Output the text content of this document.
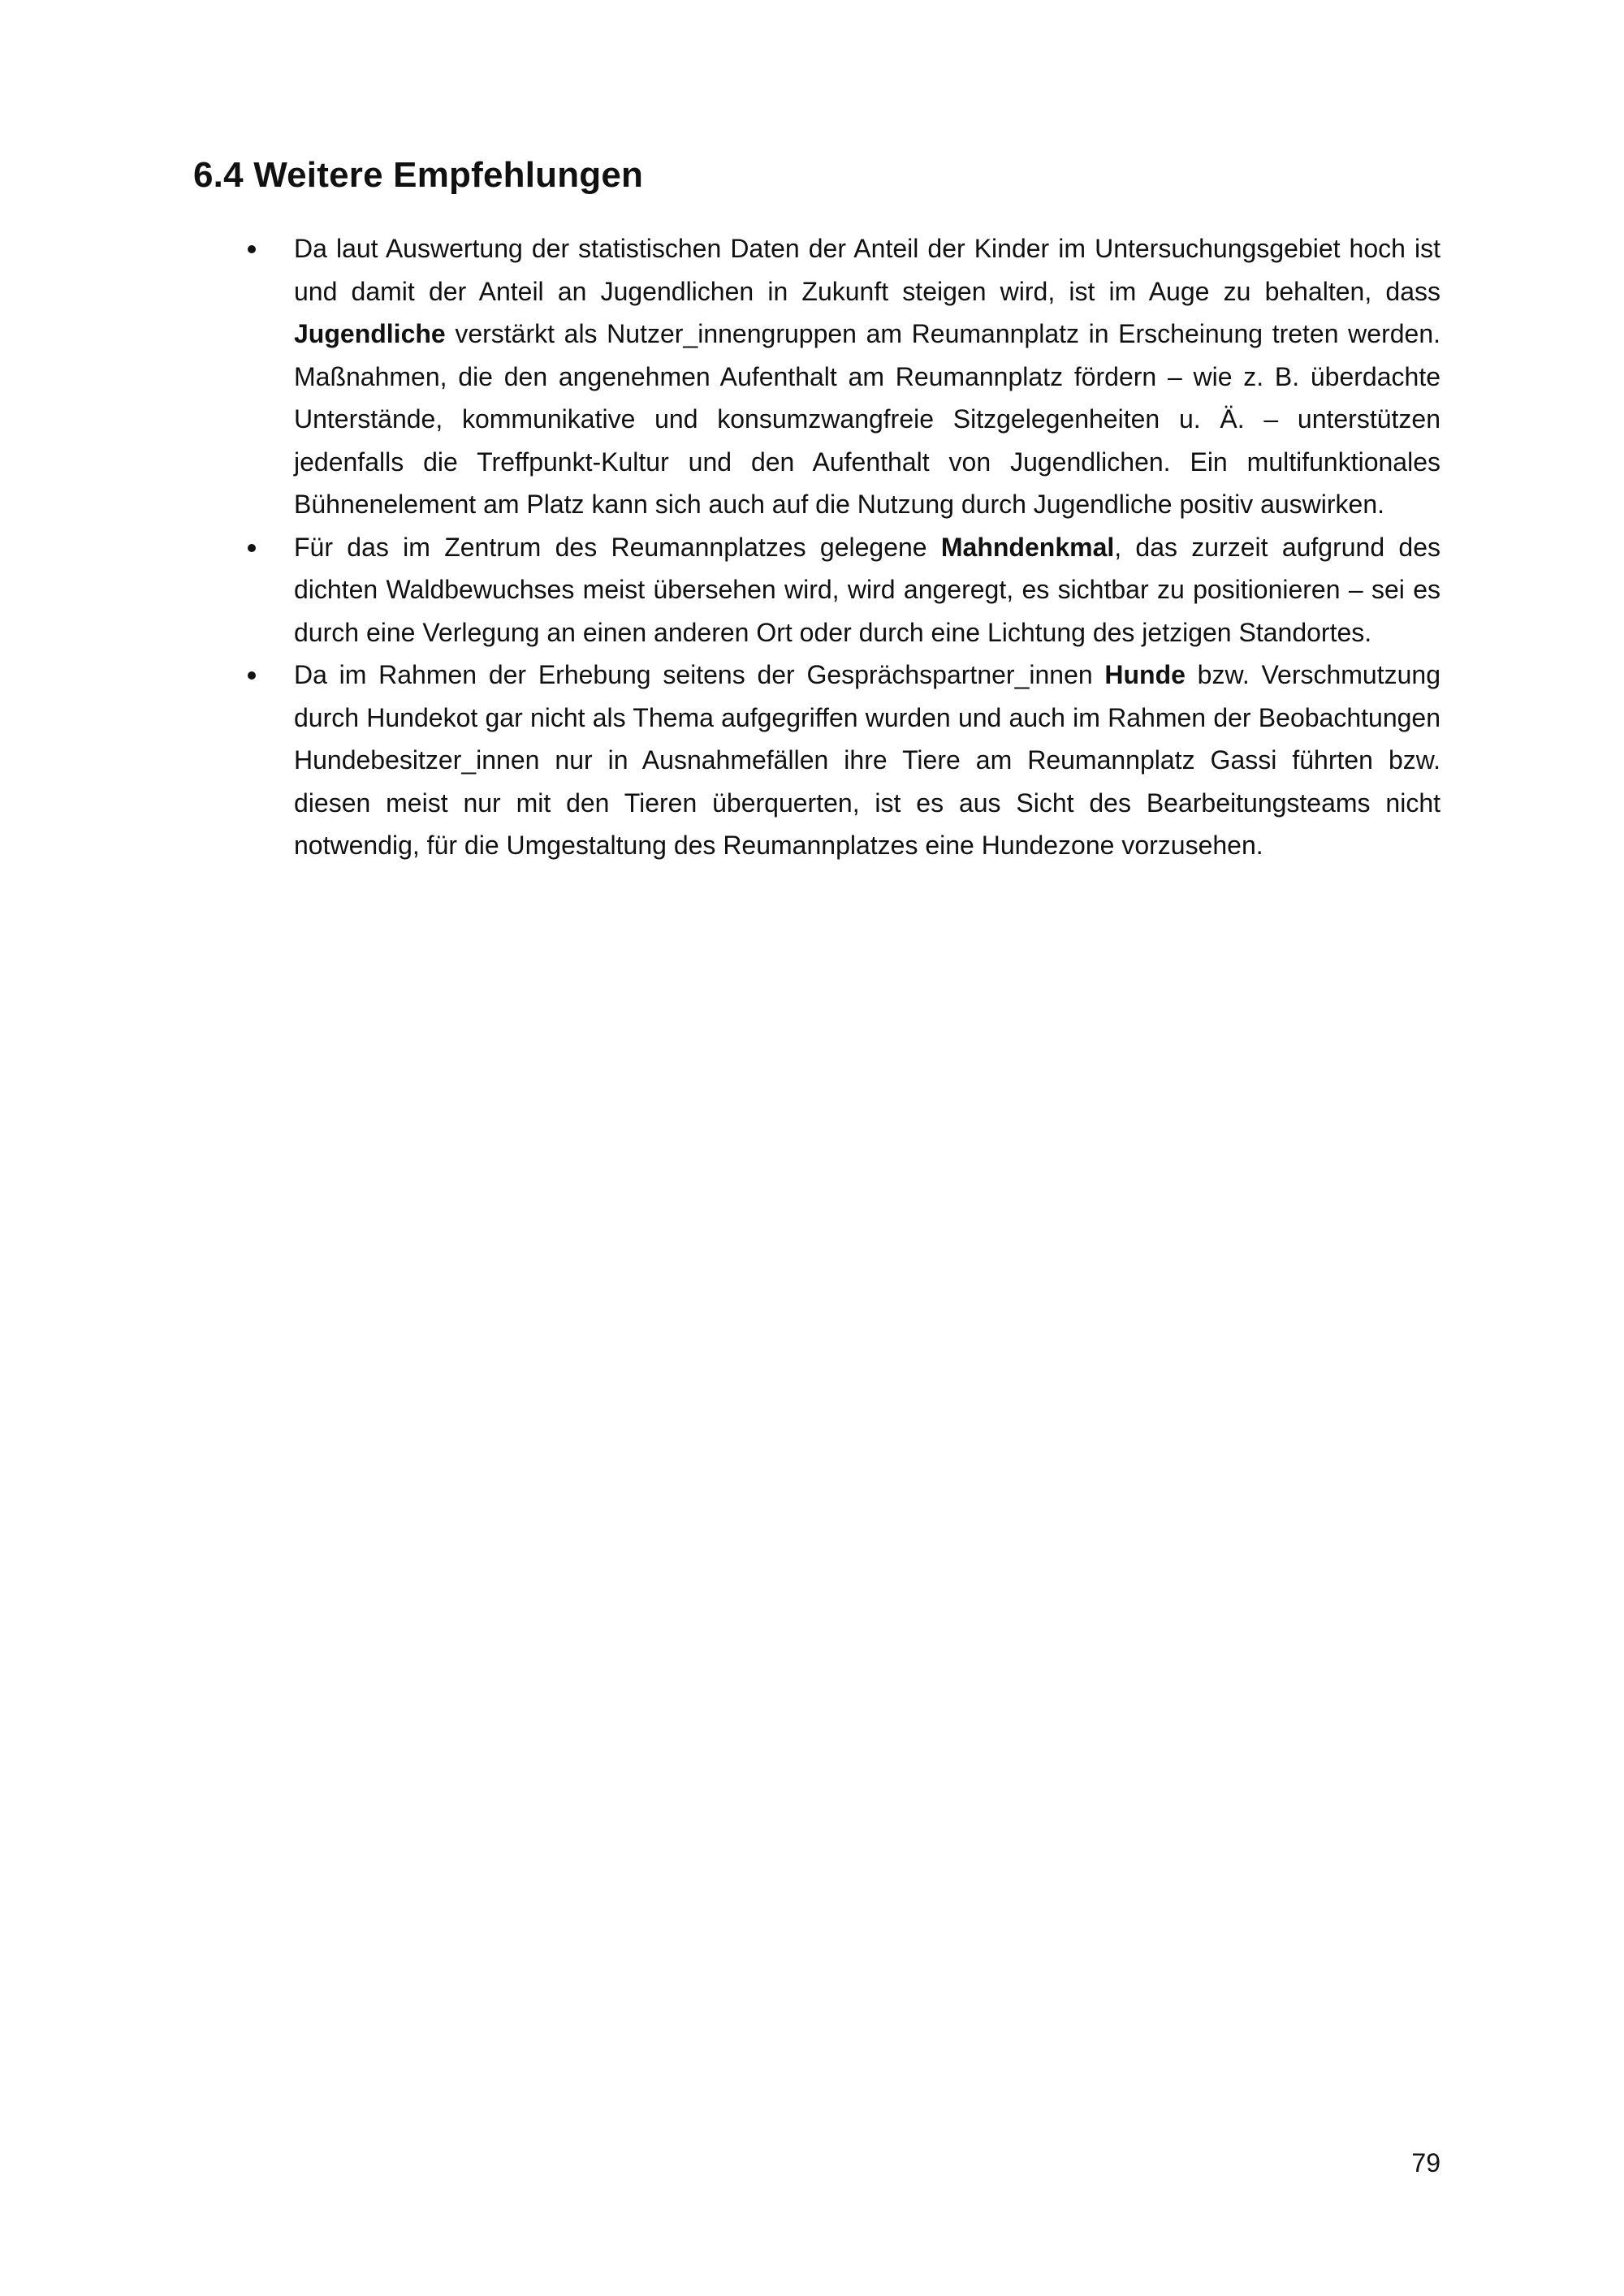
6.4 Weitere Empfehlungen
Da laut Auswertung der statistischen Daten der Anteil der Kinder im Untersuchungsgebiet hoch ist und damit der Anteil an Jugendlichen in Zukunft steigen wird, ist im Auge zu behalten, dass Jugendliche verstärkt als Nutzer_innengruppen am Reumannplatz in Erscheinung treten werden. Maßnahmen, die den angenehmen Aufenthalt am Reumannplatz fördern – wie z. B. überdachte Unterstände, kommunikative und konsumzwangfreie Sitzgelegenheiten u. Ä. – unterstützen jedenfalls die Treffpunkt-Kultur und den Aufenthalt von Jugendlichen. Ein multifunktionales Bühnenelement am Platz kann sich auch auf die Nutzung durch Jugendliche positiv auswirken.
Für das im Zentrum des Reumannplatzes gelegene Mahndenkmal, das zurzeit aufgrund des dichten Waldbewuchses meist übersehen wird, wird angeregt, es sichtbar zu positionieren – sei es durch eine Verlegung an einen anderen Ort oder durch eine Lichtung des jetzigen Standortes.
Da im Rahmen der Erhebung seitens der Gesprächspartner_innen Hunde bzw. Verschmutzung durch Hundekot gar nicht als Thema aufgegriffen wurden und auch im Rahmen der Beobachtungen Hundebesitzer_innen nur in Ausnahmefällen ihre Tiere am Reumannplatz Gassi führten bzw. diesen meist nur mit den Tieren überquerten, ist es aus Sicht des Bearbeitungsteams nicht notwendig, für die Umgestaltung des Reumannplatzes eine Hundezone vorzusehen.
79
